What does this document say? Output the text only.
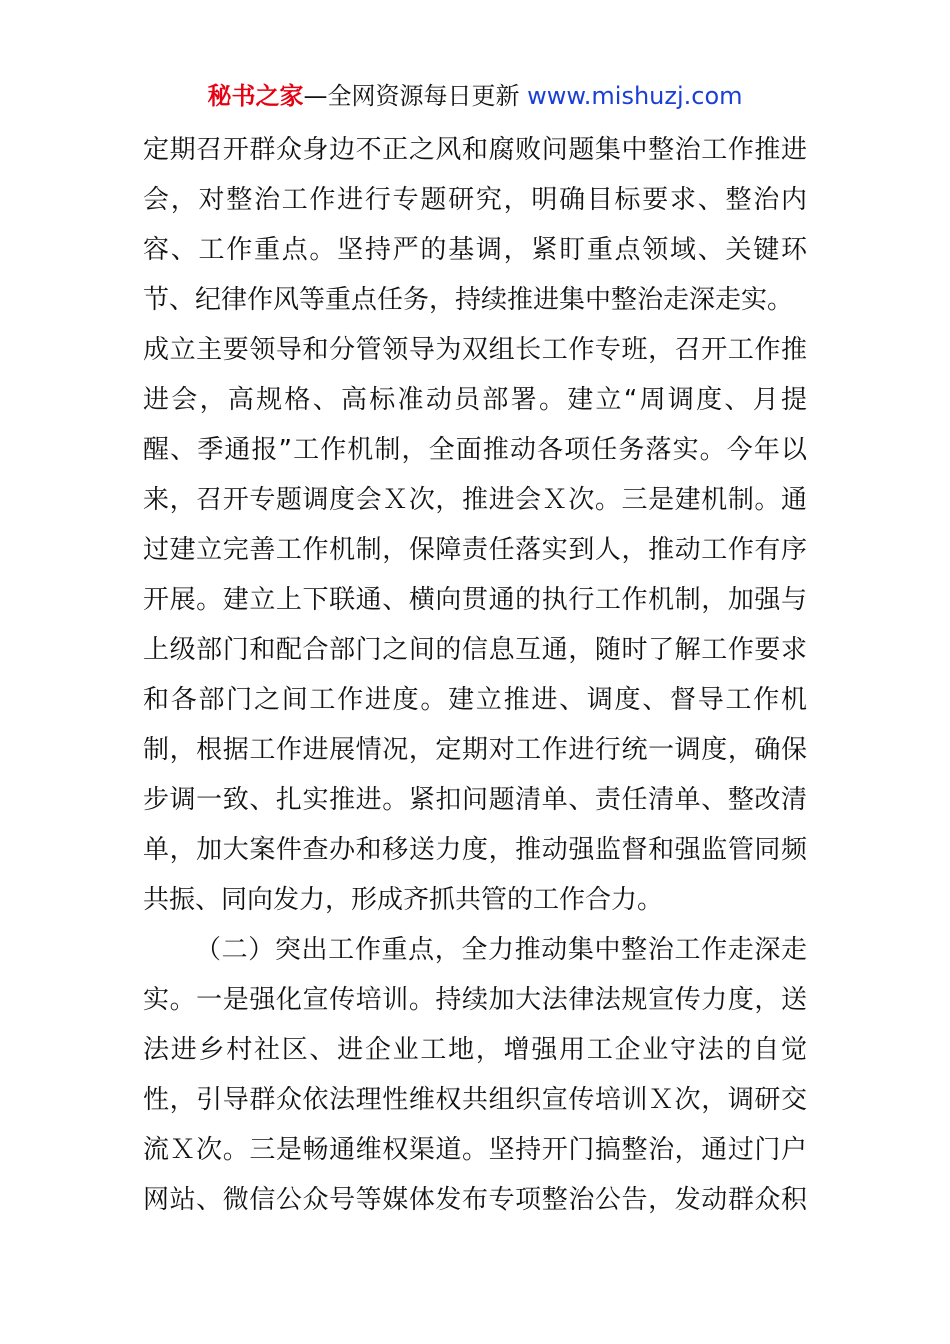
秘书之家—全网资源每日更新 www.mishuzj.com
定期召开群众身边不正之风和腐败问题集中整治工作推进
会，对整治工作进行专题研究，明确目标要求、整治内
容、工作重点。坚持严的基调，紧盯重点领域、关键环
节、纪律作风等重点任务，持续推进集中整治走深走实。
成立主要领导和分管领导为双组长工作专班，召开工作推
进会，高规格、高标准动员部署。建立“周调度、月提
醒、季通报”工作机制，全面推动各项任务落实。今年以
来，召开专题调度会Ｘ次，推进会Ｘ次。三是建机制。通
过建立完善工作机制，保障责任落实到人，推动工作有序
开展。建立上下联通、横向贯通的执行工作机制，加强与
上级部门和配合部门之间的信息互通，随时了解工作要求
和各部门之间工作进度。建立推进、调度、督导工作机
制，根据工作进展情况，定期对工作进行统一调度，确保
步调一致、扎实推进。紧扣问题清单、责任清单、整改清
单，加大案件查办和移送力度，推动强监督和强监管同频
共振、同向发力，形成齐抓共管的工作合力。
（二）突出工作重点，全力推动集中整治工作走深走
实。一是强化宣传培训。持续加大法律法规宣传力度，送
法进乡村社区、进企业工地，增强用工企业守法的自觉
性，引导群众依法理性维权共组织宣传培训Ｘ次，调研交
流Ｘ次。三是畅通维权渠道。坚持开门搞整治，通过门户
网站、微信公众号等媒体发布专项整治公告，发动群众积
